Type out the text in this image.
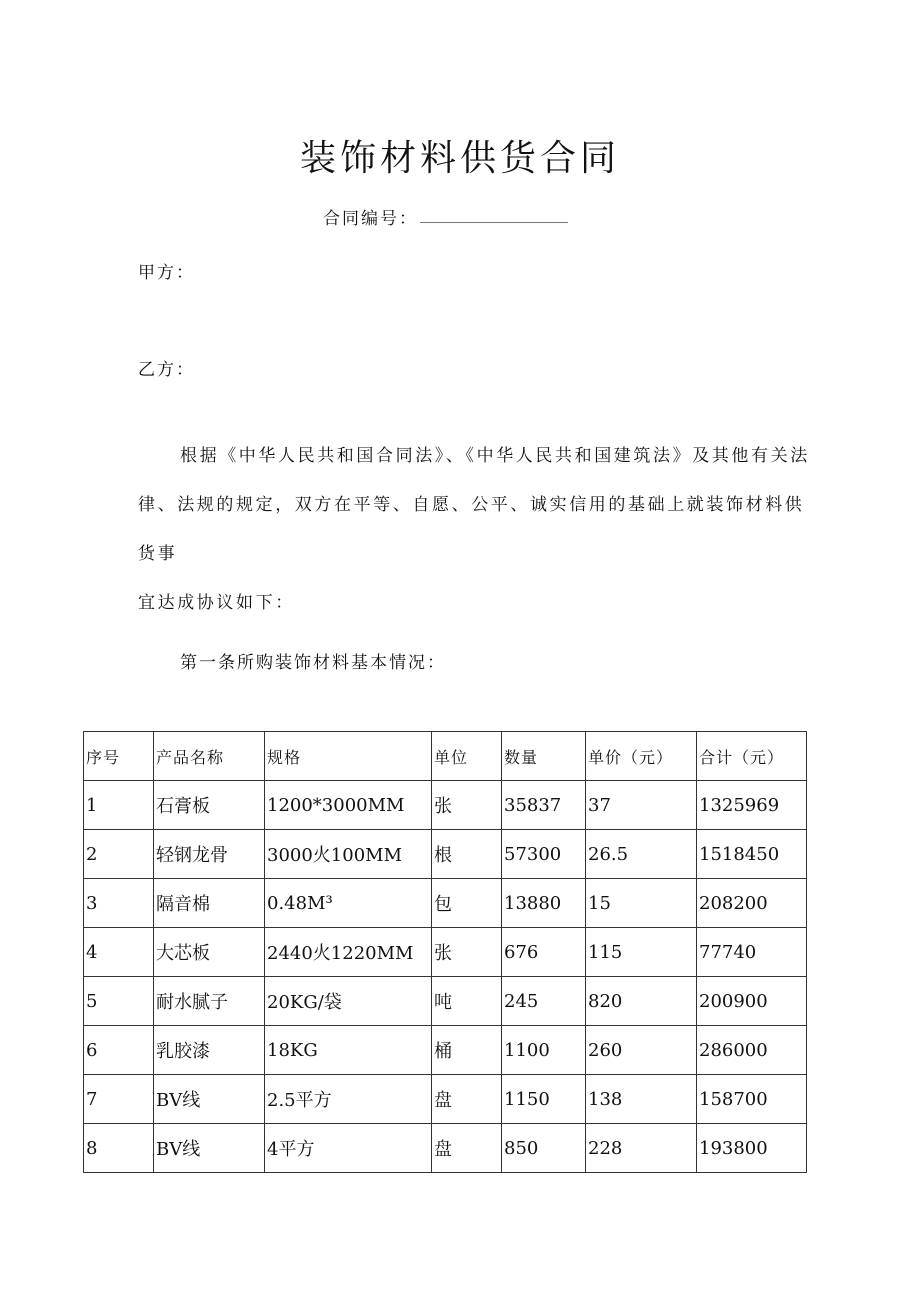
装饰材料供货合同
合同编号：
甲方：
乙方：
根据《中华人民共和国合同法》、《中华人民共和国建筑法》及其他有关法
律、法规的规定，双方在平等、自愿、公平、诚实信用的基础上就装饰材料供货事
宜达成协议如下：
第一条所购装饰材料基本情况：
序号	产品名称	规格	单位	数量	单价（元）	合计（元）
1	石膏板	1200*3000MM	张	35837	37	1325969
2	轻钢龙骨	3000火100MM	根	57300	26.5	1518450
3	隔音棉	0.48M³	包	13880	15	208200
4	大芯板	2440火1220MM	张	676	115	77740
5	耐水腻子	20KG/袋	吨	245	820	200900
6	乳胶漆	18KG	桶	1100	260	286000
7	BV线	2.5平方	盘	1150	138	158700
8	BV线	4平方	盘	850	228	193800
